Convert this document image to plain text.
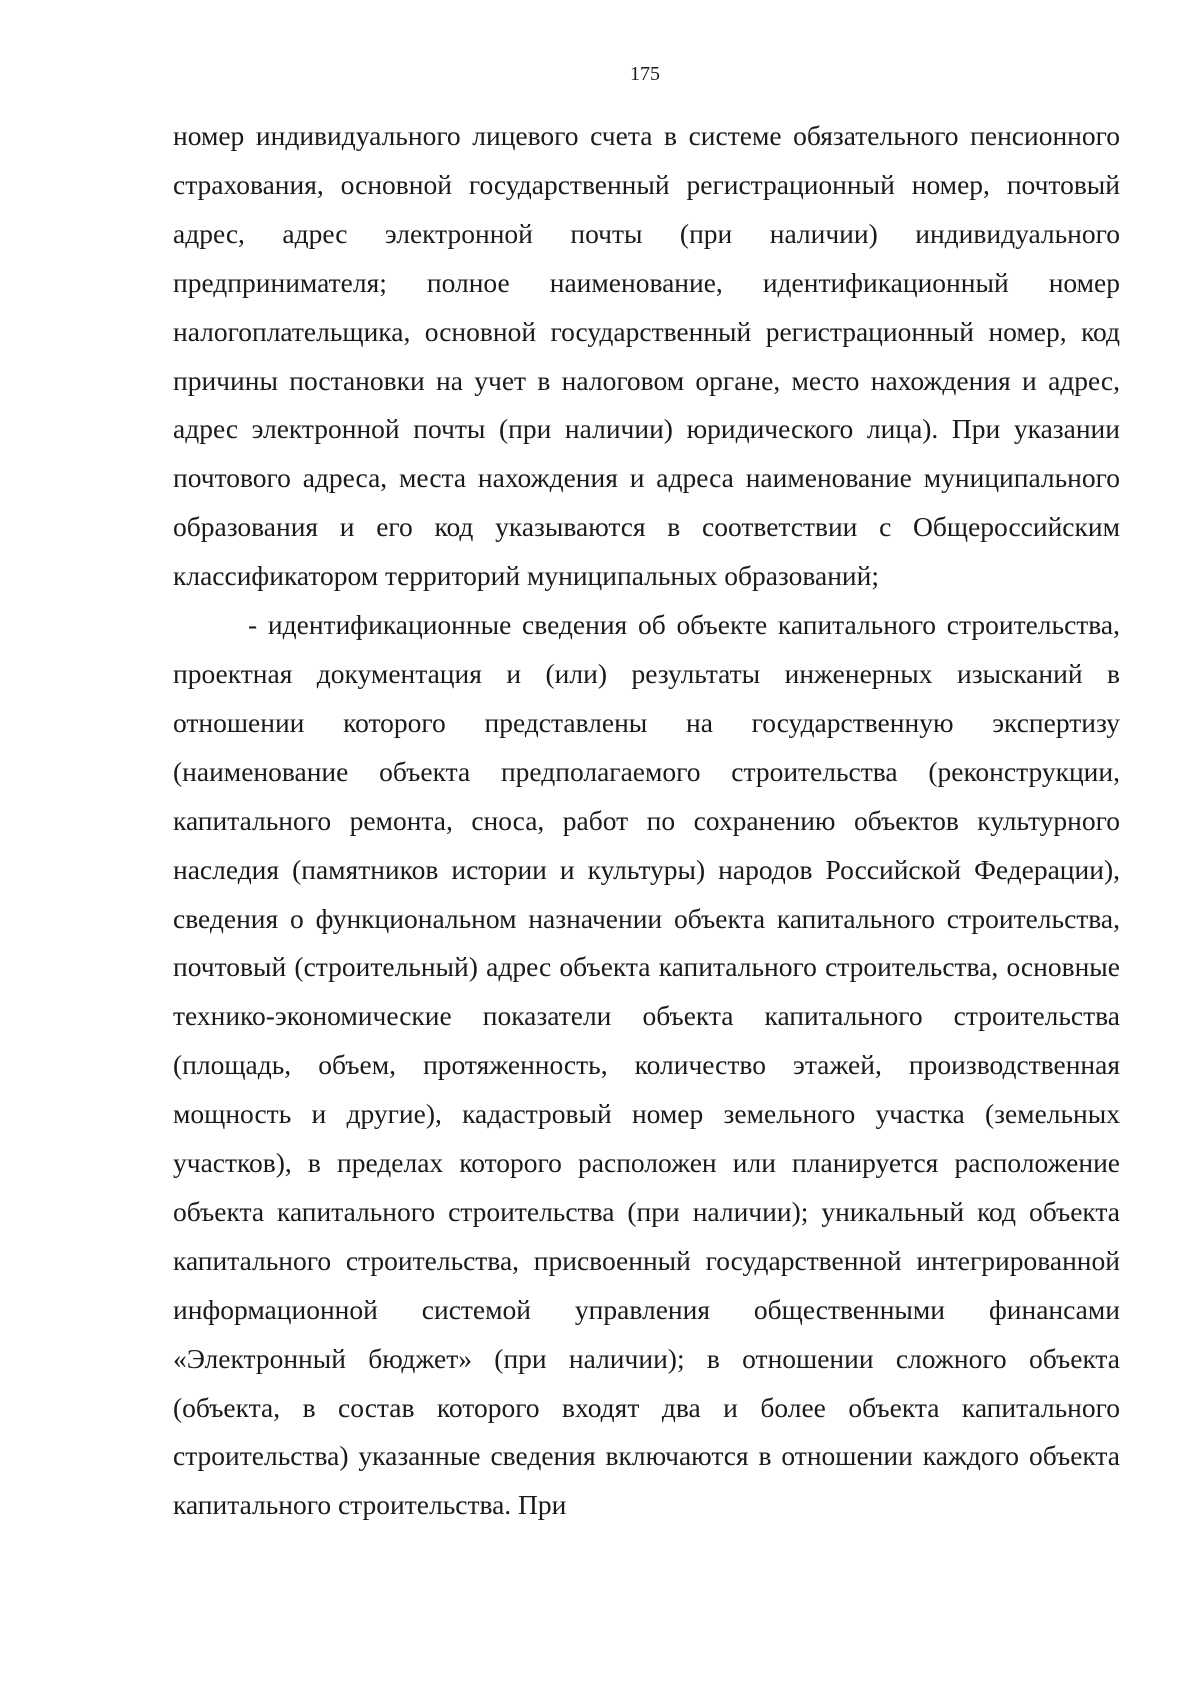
175

номер индивидуального лицевого счета в системе обязательного пенсионного страхования, основной государственный регистрационный номер, почтовый адрес, адрес электронной почты (при наличии) индивидуального предпринимателя; полное наименование, идентификационный номер налогоплательщика, основной государственный регистрационный номер, код причины постановки на учет в налоговом органе, место нахождения и адрес, адрес электронной почты (при наличии) юридического лица). При указании почтового адреса, места нахождения и адреса наименование муниципального образования и его код указываются в соответствии с Общероссийским классификатором территорий муниципальных образований;

- идентификационные сведения об объекте капитального строительства, проектная документация и (или) результаты инженерных изысканий в отношении которого представлены на государственную экспертизу (наименование объекта предполагаемого строительства (реконструкции, капитального ремонта, сноса, работ по сохранению объектов культурного наследия (памятников истории и культуры) народов Российской Федерации), сведения о функциональном назначении объекта капитального строительства, почтовый (строительный) адрес объекта капитального строительства, основные технико-экономические показатели объекта капитального строительства (площадь, объем, протяженность, количество этажей, производственная мощность и другие), кадастровый номер земельного участка (земельных участков), в пределах которого расположен или планируется расположение объекта капитального строительства (при наличии); уникальный код объекта капитального строительства, присвоенный государственной интегрированной информационной системой управления общественными финансами «Электронный бюджет» (при наличии); в отношении сложного объекта (объекта, в состав которого входят два и более объекта капитального строительства) указанные сведения включаются в отношении каждого объекта капитального строительства. При
